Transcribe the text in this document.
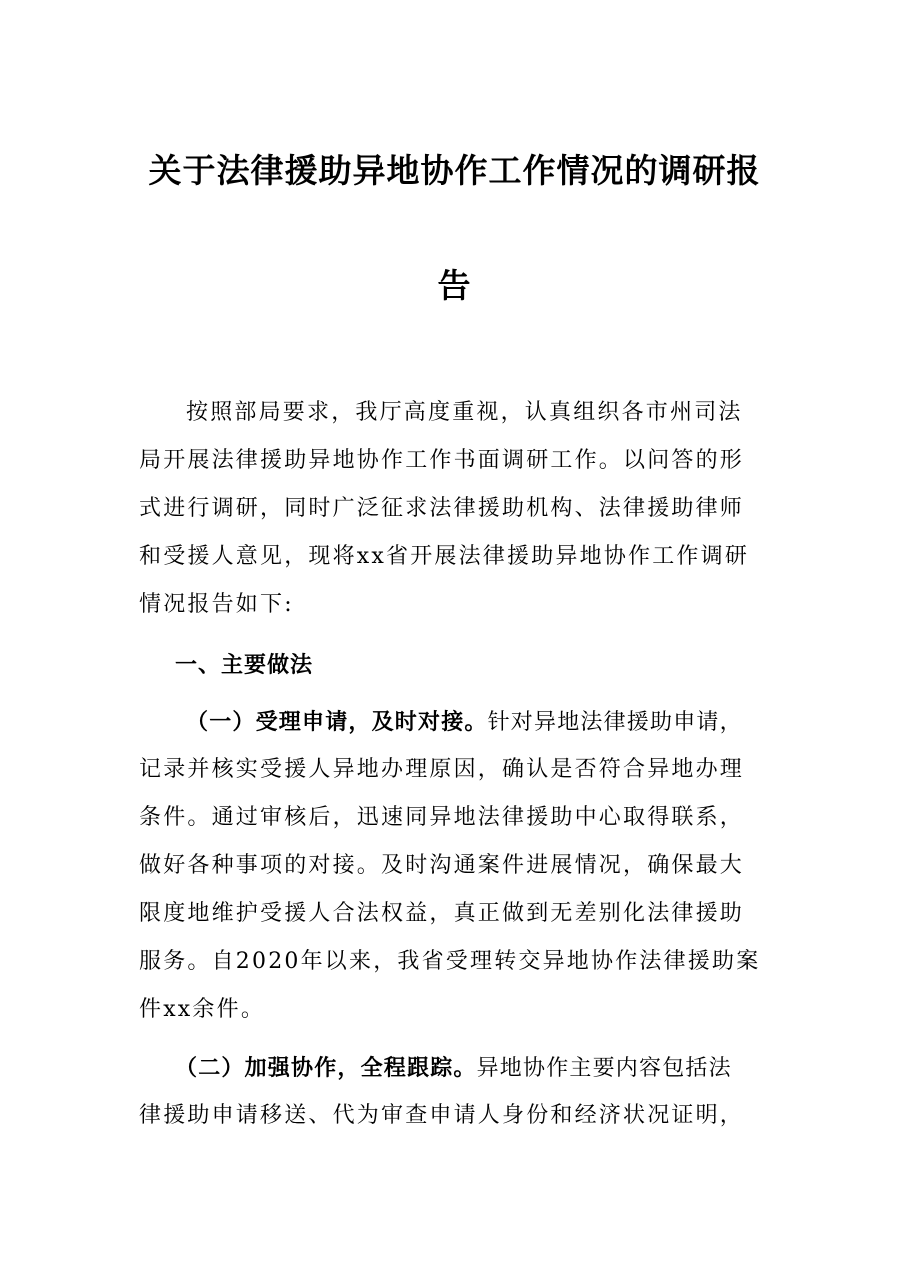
关于法律援助异地协作工作情况的调研报
告
按照部局要求，我厅高度重视，认真组织各市州司法
局开展法律援助异地协作工作书面调研工作。以问答的形
式进行调研，同时广泛征求法律援助机构、法律援助律师
和受援人意见，现将xx省开展法律援助异地协作工作调研
情况报告如下:
一、主要做法
（一）受理申请，及时对接。针对异地法律援助申请，
记录并核实受援人异地办理原因，确认是否符合异地办理
条件。通过审核后，迅速同异地法律援助中心取得联系，
做好各种事项的对接。及时沟通案件进展情况，确保最大
限度地维护受援人合法权益，真正做到无差别化法律援助
服务。自2020年以来，我省受理转交异地协作法律援助案
件xx余件。
（二）加强协作，全程跟踪。异地协作主要内容包括法
律援助申请移送、代为审查申请人身份和经济状况证明，
